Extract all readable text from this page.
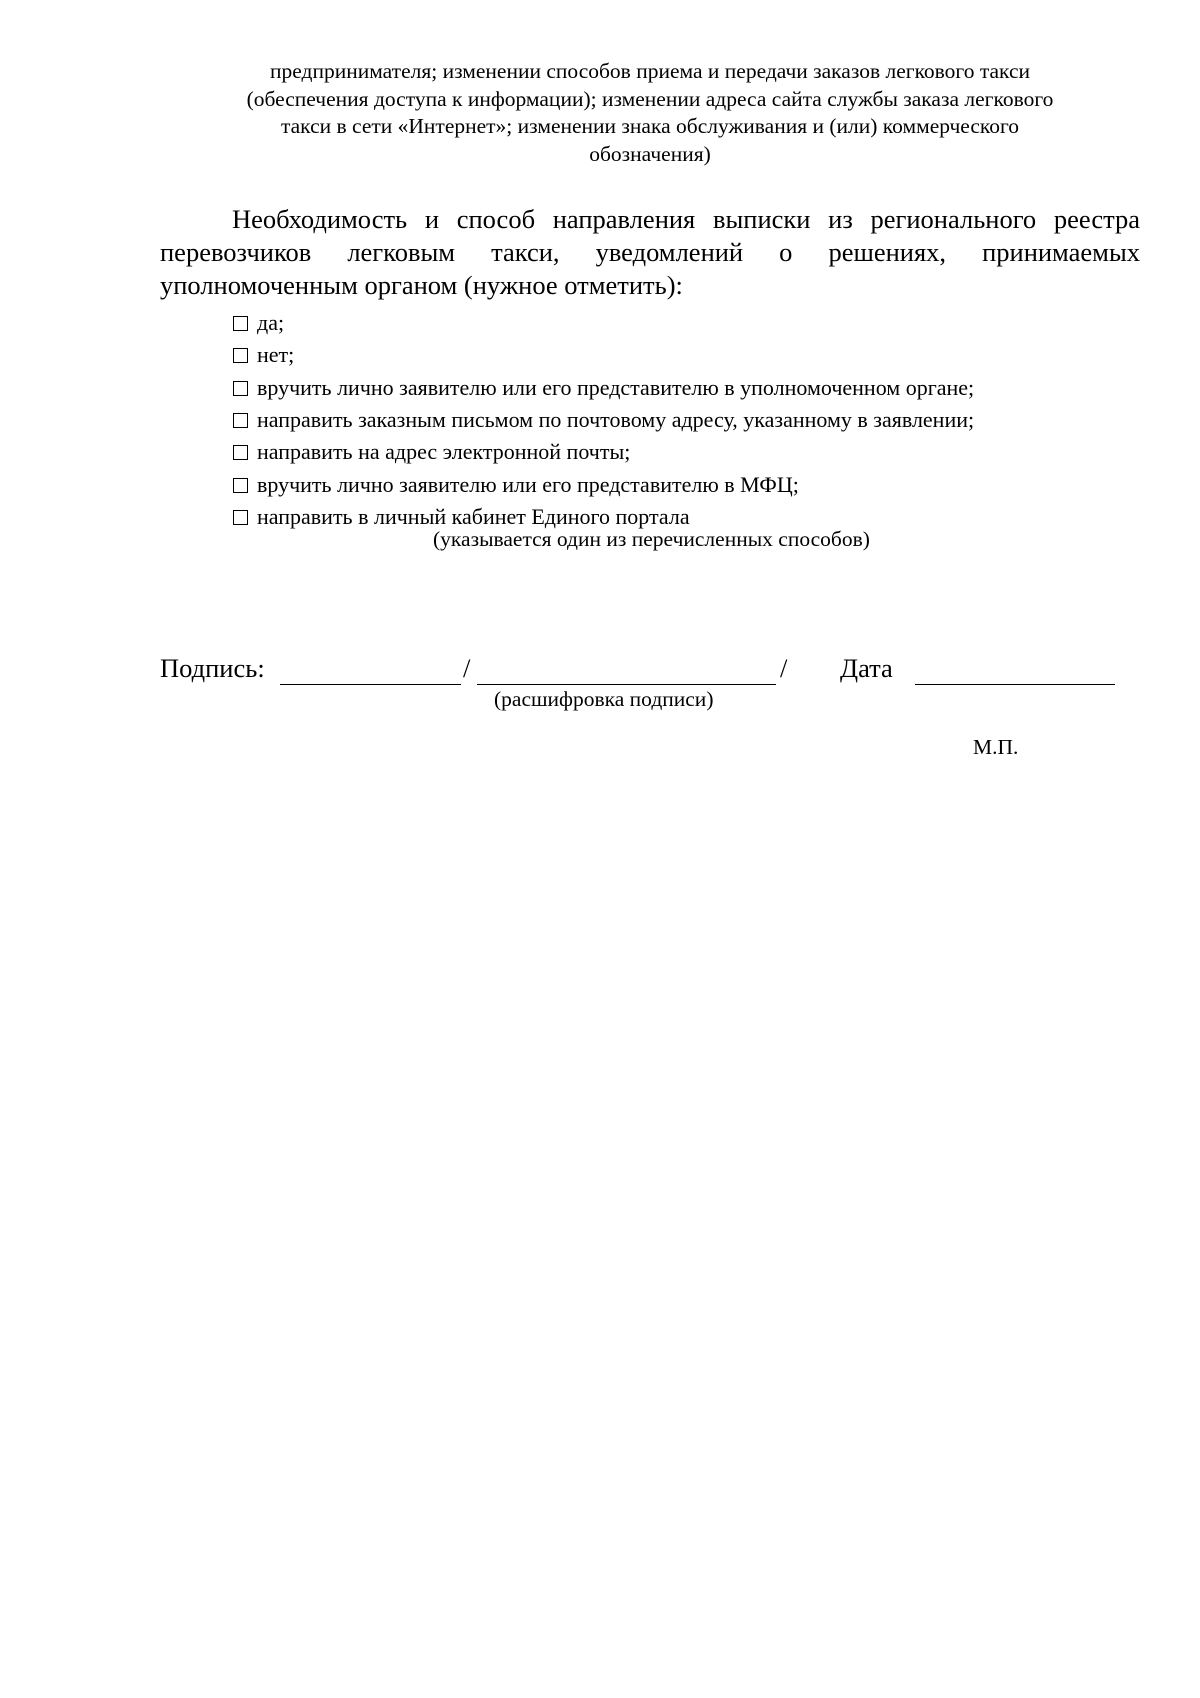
предпринимателя; изменении способов приема и передачи заказов легкового такси
(обеспечения доступа к информации); изменении адреса сайта службы заказа легкового
такси в сети «Интернет»; изменении знака обслуживания и (или) коммерческого
обозначения)
Необходимость и способ направления выписки из регионального реестра
перевозчиков легковым такси, уведомлений о решениях, принимаемых
уполномоченным органом (нужное отметить):
да;
нет;
вручить лично заявителю или его представителю в уполномоченном органе;
направить заказным письмом по почтовому адресу, указанному в заявлении;
направить на адрес электронной почты;
вручить лично заявителю или его представителю в МФЦ;
направить в личный кабинет Единого портала
(указывается один из перечисленных способов)
Подпись:	/	/ Дата
(расшифровка подписи)
М.П.
